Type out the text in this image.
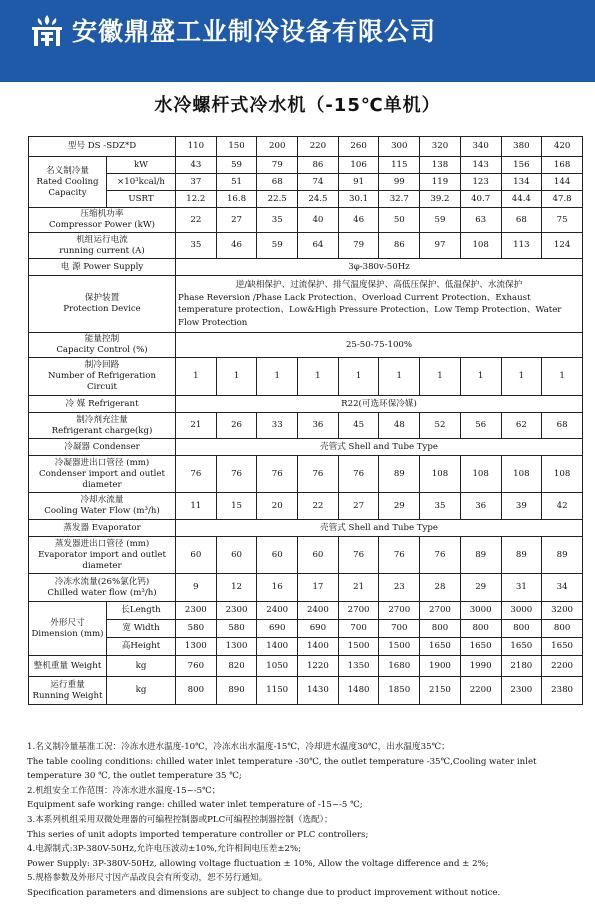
安徽鼎盛工业制冷设备有限公司
水冷螺杆式冷水机（-15℃单机）
型号 DS -SDZ*D		110	150	200	220	260	300	320	340	380	420
名义制冷量
Rated Cooling
Capacity	kW	43	59	79	86	106	115	138	143	156	168
	×10³kcal/h	37	51	68	74	91	99	119	123	134	144
	USRT	12.2	16.8	22.5	24.5	30.1	32.7	39.2	40.7	44.4	47.8
压缩机功率
Compressor Power (kW)		22	27	35	40	46	50	59	63	68	75
机组运行电流
running current (A)		35	46	59	64	79	86	97	108	113	124
电 源 Power Supply		3φ-380v-50Hz									
保护装置
Protection Device		逆/缺相保护、过流保护、排气温度保护、高低压保护、低温保护、水流保护
Phase Reversion /Phase Lack Protection、Overload Current Protection、Exhaust temperature protection、Low&High Pressure Protection、Low Temp Protection、Water Flow Protection									
能量控制
Capacity Control (%)		25-50-75-100%									
制冷回路
Number of Refrigeration
Circuit		1	1	1	1	1	1	1	1	1	1
冷 媒 Refrigerant		R22(可选环保冷媒)									
制冷剂充注量
Refrigerant charge(kg)		21	26	33	36	45	48	52	56	62	68
冷凝器 Condenser		壳管式 Shell and Tube Type									
冷凝器进出口管径 (mm)
Condenser import and outlet
diameter		76	76	76	76	76	89	108	108	108	108
冷却水流量
Cooling Water Flow (m³/h)		11	15	20	22	27	29	35	36	39	42
蒸发器 Evaporator		壳管式 Shell and Tube Type									
蒸发器进出口管径 (mm)
Evaporator import and outlet
diameter		60	60	60	60	76	76	76	89	89	89
冷冻水流量(26%氯化钙)
Chilled water flow (m³/h)		9	12	16	17	21	23	28	29	31	34
外形尺寸
Dimension (mm)	长Length	2300	2300	2400	2400	2700	2700	2700	3000	3000	3200
	宽 Width	580	580	690	690	700	700	800	800	800	800
	高Height	1300	1300	1400	1400	1500	1500	1650	1650	1650	1650
整机重量 Weight	kg	760	820	1050	1220	1350	1680	1900	1990	2180	2200
运行重量
Running Weight	kg	800	890	1150	1430	1480	1850	2150	2200	2300	2380
1.名义制冷量基准工况：冷冻水进水温度-10℃，冷冻水出水温度-15℃，冷却进水温度30℃，出水温度35℃；
The table cooling conditions: chilled water inlet temperature -30℃, the outlet temperature -35℃,Cooling water inlet temperature 30 ℃, the outlet temperature 35 ℃;
2.机组安全工作范围：冷冻水进水温度-15~-5℃；
Equipment safe working range: chilled water inlet temperature of -15~-5 ℃;
3.本系列机组采用双微处理器的可编程控制器或PLC可编程控制器控制（选配）；
This series of unit adopts imported temperature controller or PLC controllers;
4.电源制式:3P-380V-50Hz,允许电压波动±10%,允许相间电压差±2%;
Power Supply: 3P-380V-50Hz, allowing voltage fluctuation ± 10%, Allow the voltage difference and ± 2%;
5.规格参数及外形尺寸因产品改良会有所变动，恕不另行通知。
Specification parameters and dimensions are subject to change due to product improvement without notice.
